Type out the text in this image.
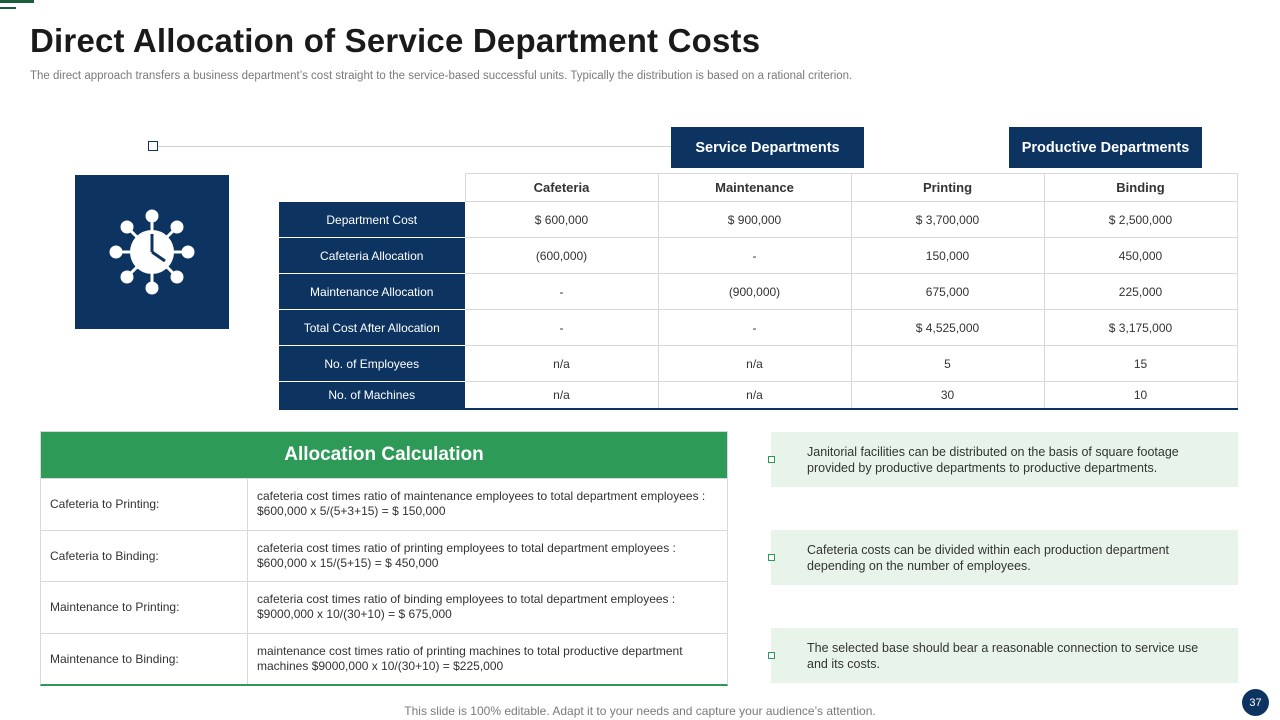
Direct Allocation of Service Department Costs

The direct approach transfers a business department’s cost straight to the service-based successful units. Typically the distribution is based on a rational criterion.

Service Departments	Productive Departments
	Cafeteria	Maintenance	Printing	Binding
Department Cost	$ 600,000	$ 900,000	$ 3,700,000	$ 2,500,000
Cafeteria Allocation	(600,000)	-	150,000	450,000
Maintenance Allocation	-	(900,000)	675,000	225,000
Total Cost After Allocation	-	-	$ 4,525,000	$ 3,175,000
No. of Employees	n/a	n/a	5	15
No. of Machines	n/a	n/a	30	10
Allocation Calculation
Cafeteria to Printing:
cafeteria cost times ratio of maintenance employees to total department employees : $600,000 x 5/(5+3+15) = $ 150,000
Cafeteria to Binding:
cafeteria cost times ratio of printing employees to total department employees : $600,000 x 15/(5+15) = $ 450,000
Maintenance to Printing:
cafeteria cost times ratio of binding employees to total department employees : $9000,000 x 10/(30+10) = $ 675,000
Maintenance to Binding:
maintenance cost times ratio of printing machines to total productive department machines $9000,000 x 10/(30+10) = $225,000
Janitorial facilities can be distributed on the basis of square footage provided by productive departments to productive departments.
Cafeteria costs can be divided within each production department depending on the number of employees.
The selected base should bear a reasonable connection to service use and its costs.
This slide is 100% editable. Adapt it to your needs and capture your audience’s attention.
37
